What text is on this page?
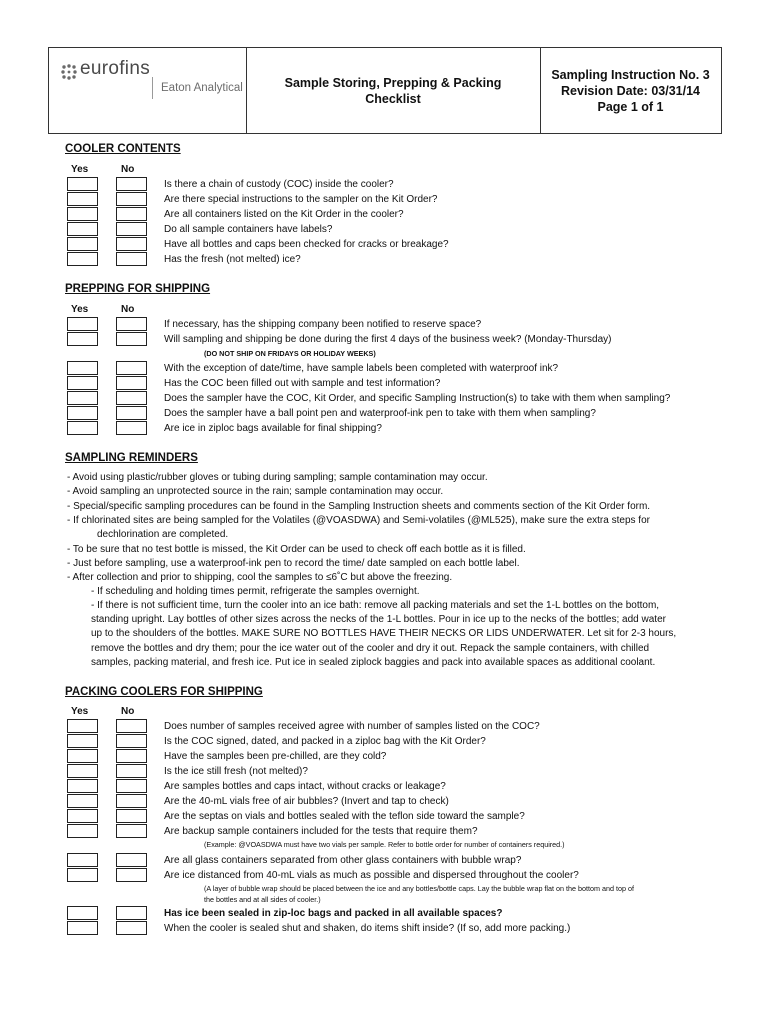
eurofins
Eaton Analytical	Sample Storing, Prepping & Packing
Checklist
Sampling Instruction No. 3
Revision Date: 03/31/14
Page 1 of 1
COOLER CONTENTS
Yes	No
Is there a chain of custody (COC) inside the cooler?
Are there special instructions to the sampler on the Kit Order?
Are all containers listed on the Kit Order in the cooler?
Do all sample containers have labels?
Have all bottles and caps been checked for cracks or breakage?
Has the fresh (not melted) ice?
PREPPING FOR SHIPPING
Yes	No
If necessary, has the shipping company been notified to reserve space?
Will sampling and shipping be done during the first 4 days of the business week? (Monday-Thursday)
(DO NOT SHIP ON FRIDAYS OR HOLIDAY WEEKS)
With the exception of date/time, have sample labels been completed with waterproof ink?
Has the COC been filled out with sample and test information?
Does the sampler have the COC, Kit Order, and specific Sampling Instruction(s) to take with them when sampling?
Does the sampler have a ball point pen and waterproof-ink pen to take with them when sampling?
Are ice in ziploc bags available for final shipping?
SAMPLING REMINDERS
- Avoid using plastic/rubber gloves or tubing during sampling; sample contamination may occur.
- Avoid sampling an unprotected source in the rain; sample contamination may occur.
- Special/specific sampling procedures can be found in the Sampling Instruction sheets and comments section of the Kit Order form.
- If chlorinated sites are being sampled for the Volatiles (@VOASDWA) and Semi-volatiles (@ML525), make sure the extra steps for
dechlorination are completed.
- To be sure that no test bottle is missed, the Kit Order can be used to check off each bottle as it is filled.
- Just before sampling, use a waterproof-ink pen to record the time/ date sampled on each bottle label.
- After collection and prior to shipping, cool the samples to ≤6˚C but above the freezing.
- If scheduling and holding times permit, refrigerate the samples overnight.
- If there is not sufficient time, turn the cooler into an ice bath: remove all packing materials and set the 1-L bottles on the bottom,
standing upright. Lay bottles of other sizes across the necks of the 1-L bottles. Pour in ice up to the necks of the bottles; add water
up to the shoulders of the bottles. MAKE SURE NO BOTTLES HAVE THEIR NECKS OR LIDS UNDERWATER. Let sit for 2-3 hours,
remove the bottles and dry them; pour the ice water out of the cooler and dry it out. Repack the sample containers, with chilled
samples, packing material, and fresh ice. Put ice in sealed ziplock baggies and pack into available spaces as additional coolant.
PACKING COOLERS FOR SHIPPING
Yes	No
Does number of samples received agree with number of samples listed on the COC?
Is the COC signed, dated, and packed in a ziploc bag with the Kit Order?
Have the samples been pre-chilled, are they cold?
Is the ice still fresh (not melted)?
Are samples bottles and caps intact, without cracks or leakage?
Are the 40-mL vials free of air bubbles? (Invert and tap to check)
Are the septas on vials and bottles sealed with the teflon side toward the sample?
Are backup sample containers included for the tests that require them?
(Example: @VOASDWA must have two vials per sample. Refer to bottle order for number of containers required.)
Are all glass containers separated from other glass containers with bubble wrap?
Are ice distanced from 40-mL vials as much as possible and dispersed throughout the cooler?
(A layer of bubble wrap should be placed between the ice and any bottles/bottle caps. Lay the bubble wrap flat on the bottom and top of
the bottles and at all sides of cooler.)
Has ice been sealed in zip-loc bags and packed in all available spaces?
When the cooler is sealed shut and shaken, do items shift inside? (If so, add more packing.)
